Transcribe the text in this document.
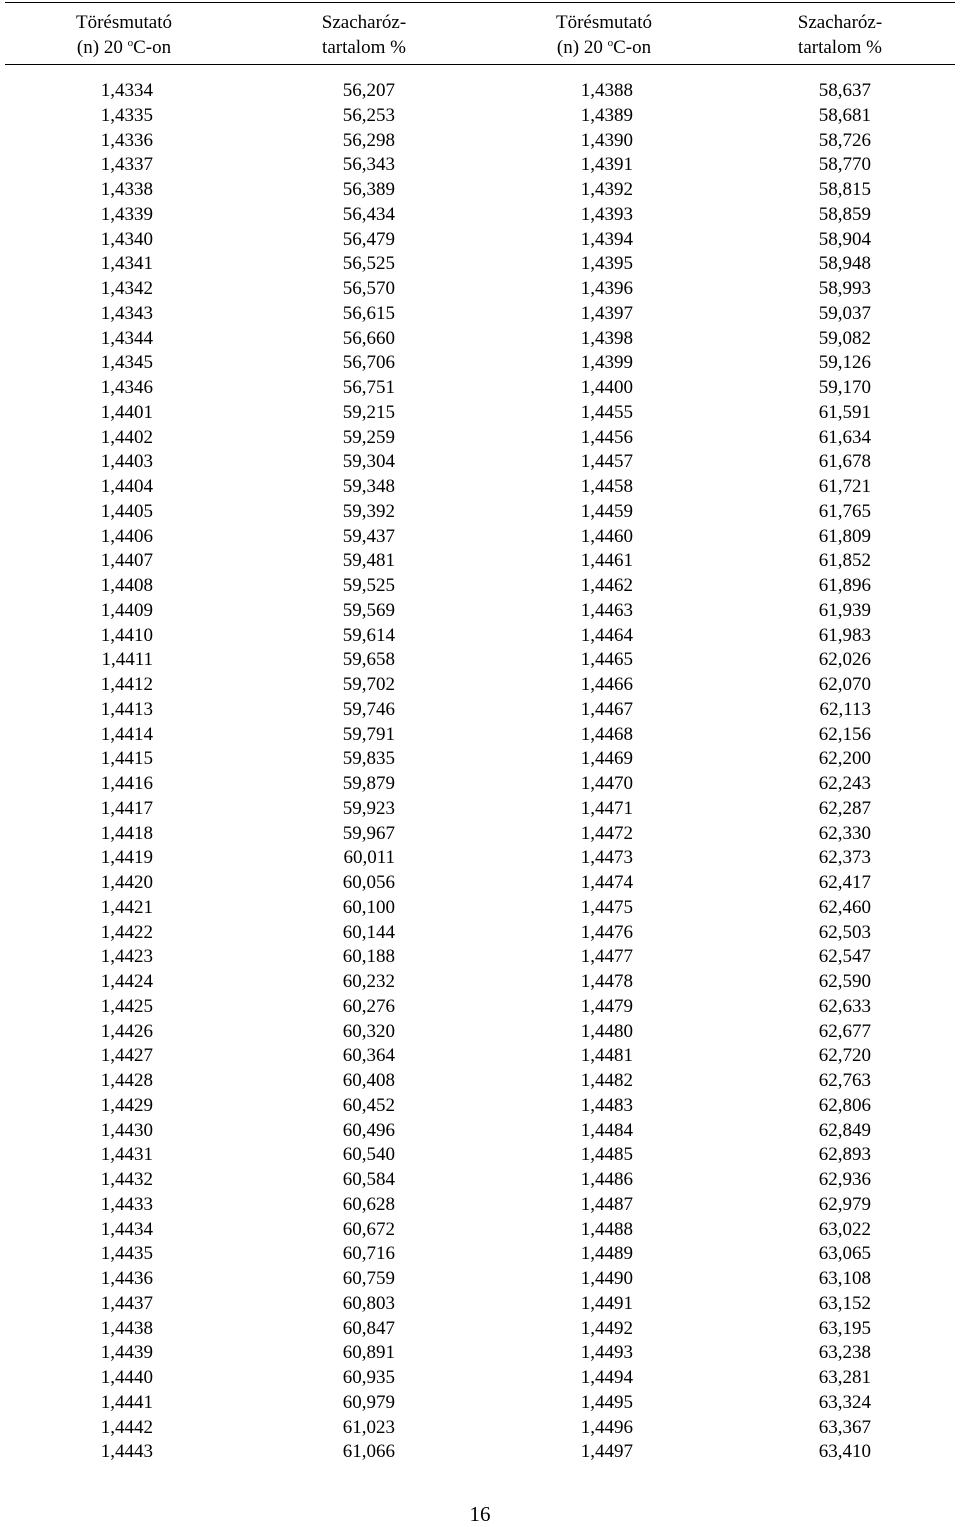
Törésmutató
(n) 20 $^o$C-on
Szacharóz-
tartalom %
Törésmutató
(n) 20 $^o$C-on
Szacharóz-
tartalom %
1,4334
1,4335
1,4336
1,4337
1,4338
1,4339
1,4340
1,4341
1,4342
1,4343
1,4344
1,4345
1,4346
1,4401
1,4402
1,4403
1,4404
1,4405
1,4406
1,4407
1,4408
1,4409
1,4410
1,4411
1,4412
1,4413
1,4414
1,4415
1,4416
1,4417
1,4418
1,4419
1,4420
1,4421
1,4422
1,4423
1,4424
1,4425
1,4426
1,4427
1,4428
1,4429
1,4430
1,4431
1,4432
1,4433
1,4434
1,4435
1,4436
1,4437
1,4438
1,4439
1,4440
1,4441
1,4442
1,4443
56,207
56,253
56,298
56,343
56,389
56,434
56,479
56,525
56,570
56,615
56,660
56,706
56,751
59,215
59,259
59,304
59,348
59,392
59,437
59,481
59,525
59,569
59,614
59,658
59,702
59,746
59,791
59,835
59,879
59,923
59,967
60,011
60,056
60,100
60,144
60,188
60,232
60,276
60,320
60,364
60,408
60,452
60,496
60,540
60,584
60,628
60,672
60,716
60,759
60,803
60,847
60,891
60,935
60,979
61,023
61,066
1,4388
1,4389
1,4390
1,4391
1,4392
1,4393
1,4394
1,4395
1,4396
1,4397
1,4398
1,4399
1,4400
1,4455
1,4456
1,4457
1,4458
1,4459
1,4460
1,4461
1,4462
1,4463
1,4464
1,4465
1,4466
1,4467
1,4468
1,4469
1,4470
1,4471
1,4472
1,4473
1,4474
1,4475
1,4476
1,4477
1,4478
1,4479
1,4480
1,4481
1,4482
1,4483
1,4484
1,4485
1,4486
1,4487
1,4488
1,4489
1,4490
1,4491
1,4492
1,4493
1,4494
1,4495
1,4496
1,4497
58,637
58,681
58,726
58,770
58,815
58,859
58,904
58,948
58,993
59,037
59,082
59,126
59,170
61,591
61,634
61,678
61,721
61,765
61,809
61,852
61,896
61,939
61,983
62,026
62,070
62,113
62,156
62,200
62,243
62,287
62,330
62,373
62,417
62,460
62,503
62,547
62,590
62,633
62,677
62,720
62,763
62,806
62,849
62,893
62,936
62,979
63,022
63,065
63,108
63,152
63,195
63,238
63,281
63,324
63,367
63,410
16
